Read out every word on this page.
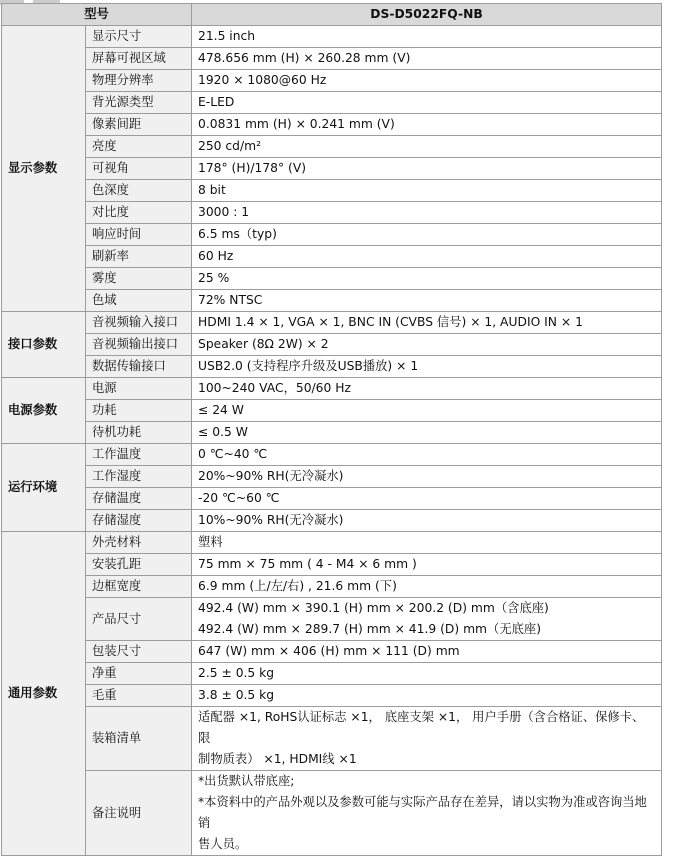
型号		DS-D5022FQ-NB
显示参数	显示尺寸	21.5 inch
	屏幕可视区域	478.656 mm (H) × 260.28 mm (V)
	物理分辨率	1920 × 1080@60 Hz
	背光源类型	E-LED
	像素间距	0.0831 mm (H) × 0.241 mm (V)
	亮度	250 cd/m²
	可视角	178° (H)/178° (V)
	色深度	8 bit
	对比度	3000 : 1
	响应时间	6.5 ms（typ)
	刷新率	60 Hz
	雾度	25 %
	色域	72% NTSC
接口参数	音视频输入接口	HDMI 1.4 × 1, VGA × 1, BNC IN (CVBS 信号) × 1, AUDIO IN × 1
	音视频输出接口	Speaker (8Ω 2W) × 2
	数据传输接口	USB2.0 (支持程序升级及USB播放) × 1
电源参数	电源	100~240 VAC，50/60 Hz
	功耗	≤ 24 W
	待机功耗	≤ 0.5 W
运行环境	工作温度	0 ℃~40 ℃
	工作湿度	20%~90% RH(无冷凝水)
	存储温度	-20 ℃~60 ℃
	存储湿度	10%~90% RH(无冷凝水)
通用参数	外壳材料	塑料
	安装孔距	75 mm × 75 mm ( 4 - M4 × 6 mm )
	边框宽度	6.9 mm (上/左/右) , 21.6 mm (下)
	产品尺寸	492.4 (W) mm × 390.1 (H) mm × 200.2 (D) mm（含底座)
492.4 (W) mm × 289.7 (H) mm × 41.9 (D) mm（无底座)

	包装尺寸	647 (W) mm × 406 (H) mm × 111 (D) mm
	净重	2.5 ± 0.5 kg
	毛重	3.8 ± 0.5 kg
	装箱清单	适配器 ×1, RoHS认证标志 ×1， 底座支架 ×1， 用户手册（含合格证、保修卡、限
制物质表） ×1, HDMI线 ×1

	备注说明	*出货默认带底座;
*本资料中的产品外观以及参数可能与实际产品存在差异，请以实物为准或咨询当地销
售人员。
